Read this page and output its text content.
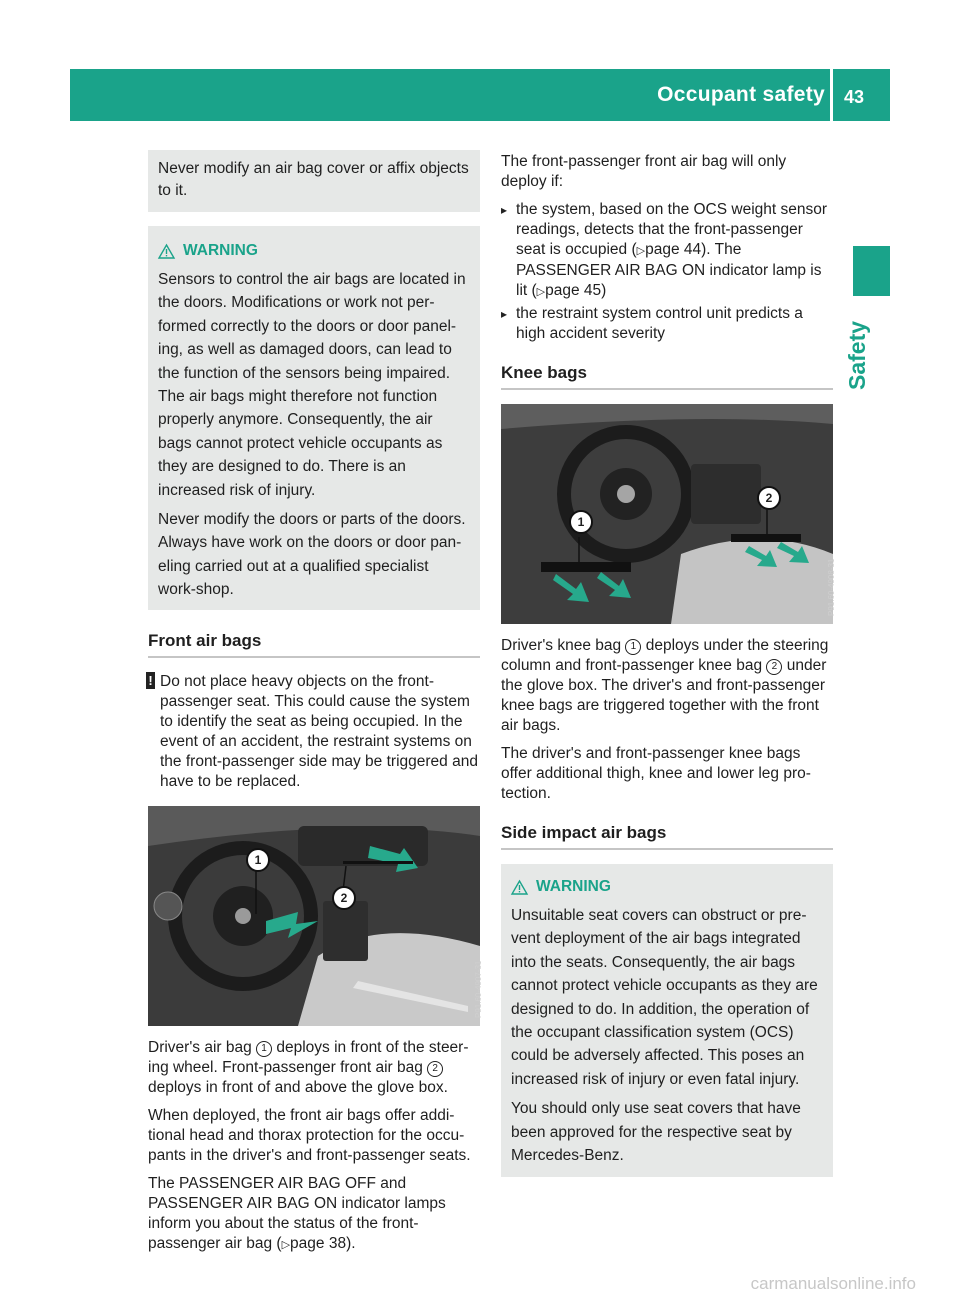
Occupant safety 43
Safety

Never modify an air bag cover or affix objects to it.

WARNING

Sensors to control the air bags are located in the doors. Modifications or work not per-formed correctly to the doors or door panel-ing, as well as damaged doors, can lead to the function of the sensors being impaired. The air bags might therefore not function properly anymore. Consequently, the air bags cannot protect vehicle occupants as they are designed to do. There is an increased risk of injury.

Never modify the doors or parts of the doors. Always have work on the doors or door pan-eling carried out at a qualified specialist work-shop.

Front air bags
! Do not place heavy objects on the front-passenger seat. This could cause the system to identify the seat as being occupied. In the event of an accident, the restraint systems on the front-passenger side may be triggered and have to be replaced.
1
2
P91.60-4907-31

Driver's air bag 1 deploys in front of the steer-ing wheel. Front-passenger front air bag 2 deploys in front of and above the glove box.

When deployed, the front air bags offer addi-tional head and thorax protection for the occu-pants in the driver's and front-passenger seats.

The PASSENGER AIR BAG OFF and PASSENGER AIR BAG ON indicator lamps inform you about the status of the front-passenger air bag (▷page 38).

The front-passenger front air bag will only deploy if:

▸ the system, based on the OCS weight sensor readings, detects that the front-passenger seat is occupied (▷page 44). The PASSENGER AIR BAG ON indicator lamp is lit (▷page 45)
▸ the restraint system control unit predicts a high accident severity
Knee bags
1
2
P91.60-4908-31

Driver's knee bag 1 deploys under the steering column and front-passenger knee bag 2 under the glove box. The driver's and front-passenger knee bags are triggered together with the front air bags.

The driver's and front-passenger knee bags offer additional thigh, knee and lower leg pro-tection.

Side impact air bags
WARNING

Unsuitable seat covers can obstruct or pre-vent deployment of the air bags integrated into the seats. Consequently, the air bags cannot protect vehicle occupants as they are designed to do. In addition, the operation of the occupant classification system (OCS) could be adversely affected. This poses an increased risk of injury or even fatal injury.

You should only use seat covers that have been approved for the respective seat by Mercedes-Benz.

carmanualsonline.info
